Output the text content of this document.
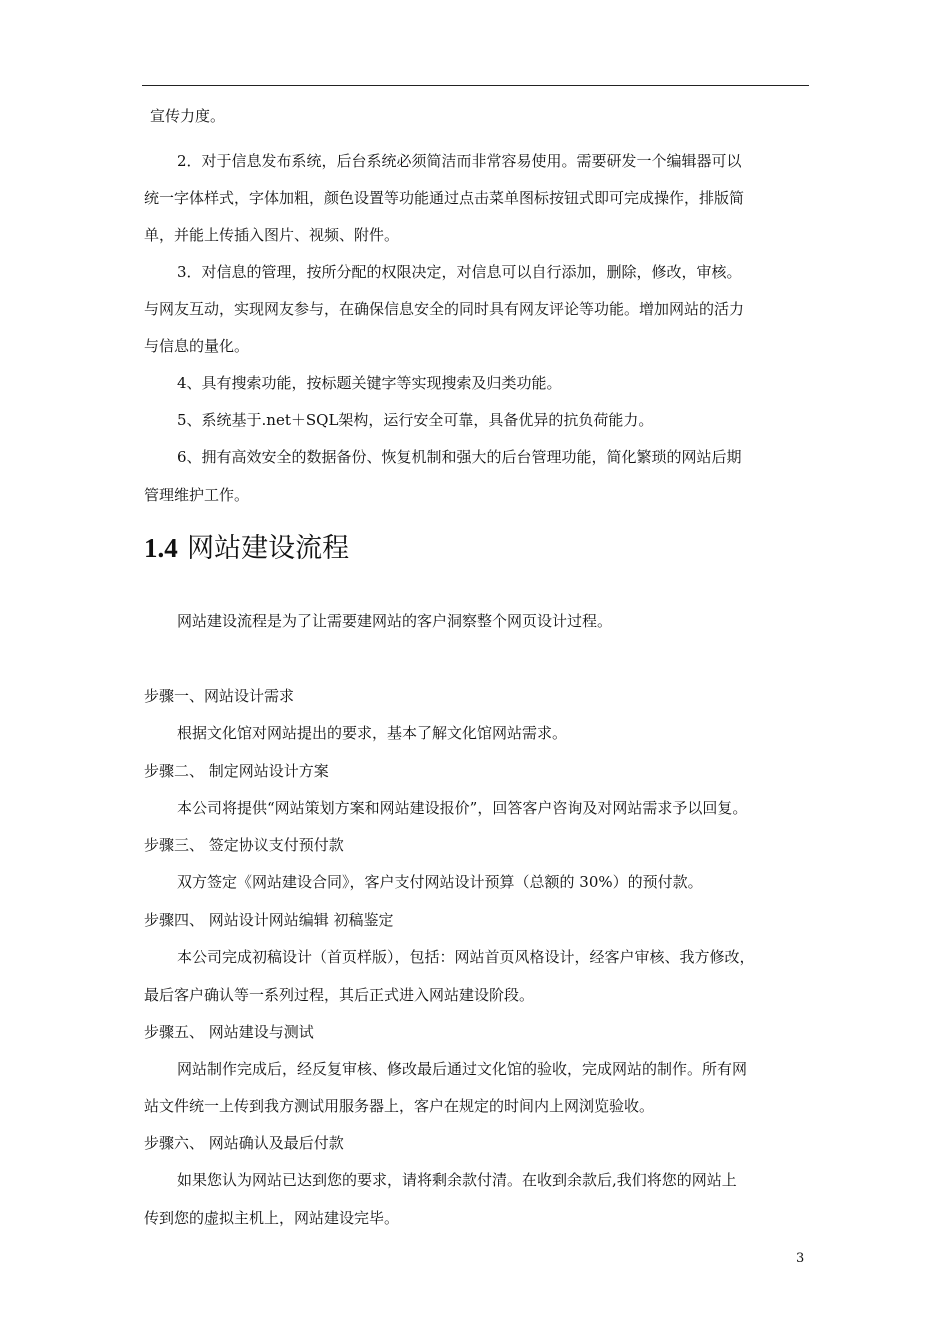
宣传力度。
2．对于信息发布系统，后台系统必须简洁而非常容易使用。需要研发一个编辑器可以
统一字体样式，字体加粗，颜色设置等功能通过点击菜单图标按钮式即可完成操作，排版简
单，并能上传插入图片、视频、附件。
3．对信息的管理，按所分配的权限决定，对信息可以自行添加，删除，修改，审核。
与网友互动，实现网友参与，在确保信息安全的同时具有网友评论等功能。增加网站的活力
与信息的量化。
4、具有搜索功能，按标题关键字等实现搜索及归类功能。
5、系统基于.net＋SQL架构，运行安全可靠，具备优异的抗负荷能力。
6、拥有高效安全的数据备份、恢复机制和强大的后台管理功能，简化繁琐的网站后期
管理维护工作。
1.4 网站建设流程
网站建设流程是为了让需要建网站的客户洞察整个网页设计过程。
步骤一、网站设计需求
根据文化馆对网站提出的要求，基本了解文化馆网站需求。
步骤二、 制定网站设计方案
本公司将提供“网站策划方案和网站建设报价”，回答客户咨询及对网站需求予以回复。
步骤三、 签定协议支付预付款
双方签定《网站建设合同》，客户支付网站设计预算（总额的 30%）的预付款。
步骤四、 网站设计网站编辑 初稿鉴定
本公司完成初稿设计（首页样版），包括：网站首页风格设计，经客户审核、我方修改，
最后客户确认等一系列过程，其后正式进入网站建设阶段。
步骤五、 网站建设与测试
网站制作完成后，经反复审核、修改最后通过文化馆的验收，完成网站的制作。所有网
站文件统一上传到我方测试用服务器上，客户在规定的时间内上网浏览验收。
步骤六、 网站确认及最后付款
如果您认为网站已达到您的要求，请将剩余款付清。在收到余款后,我们将您的网站上
传到您的虚拟主机上，网站建设完毕。
3
